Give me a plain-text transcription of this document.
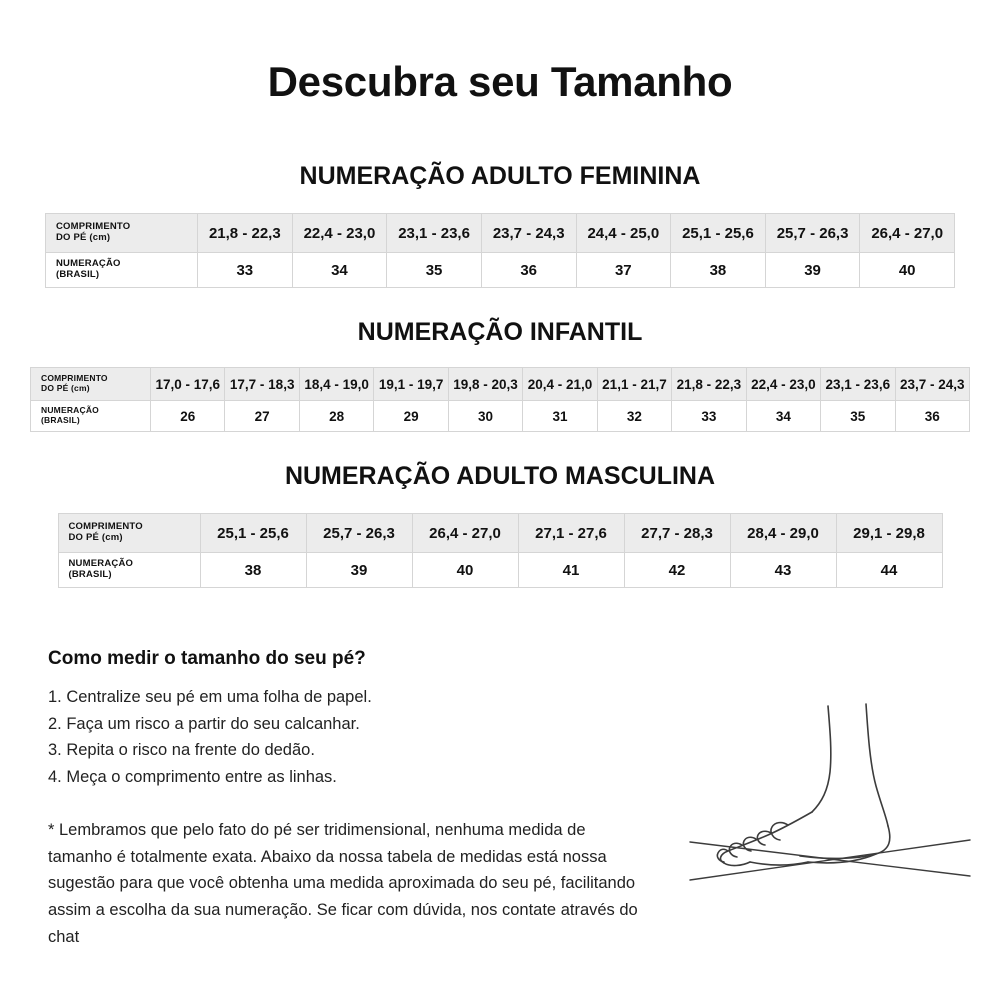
Descubra seu Tamanho
NUMERAÇÃO ADULTO FEMININA
COMPRIMENTO
DO PÉ (cm)	21,8 - 22,3	22,4 - 23,0	23,1 - 23,6	23,7 - 24,3	24,4 - 25,0	25,1 - 25,6	25,7 - 26,3	26,4 - 27,0

NUMERAÇÃO
(BRASIL)	33	34	35	36	37	38	39	40
NUMERAÇÃO INFANTIL
COMPRIMENTO
DO PÉ (cm)	17,0 - 17,6	17,7 - 18,3	18,4 - 19,0	19,1 - 19,7	19,8 - 20,3	20,4 - 21,0	21,1 - 21,7	21,8 - 22,3	22,4 - 23,0	23,1 - 23,6	23,7 - 24,3

NUMERAÇÃO
(BRASIL)	26	27	28	29	30	31	32	33	34	35	36
NUMERAÇÃO ADULTO MASCULINA
COMPRIMENTO
DO PÉ (cm)	25,1 - 25,6	25,7 - 26,3	26,4 - 27,0	27,1 - 27,6	27,7 - 28,3	28,4 - 29,0	29,1 - 29,8

NUMERAÇÃO
(BRASIL)	38	39	40	41	42	43	44
Como medir o tamanho do seu pé?
1. Centralize seu pé em uma folha de papel.
2. Faça um risco a partir do seu calcanhar.
3. Repita o risco na frente do dedão.
4. Meça o comprimento entre as linhas.

* Lembramos que pelo fato do pé ser tridimensional, nenhuma medida de tamanho é totalmente exata. Abaixo da nossa tabela de medidas está nossa sugestão para que você obtenha uma medida aproximada do seu pé, facilitando assim a escolha da sua numeração. Se ficar com dúvida, nos contate através do chat
